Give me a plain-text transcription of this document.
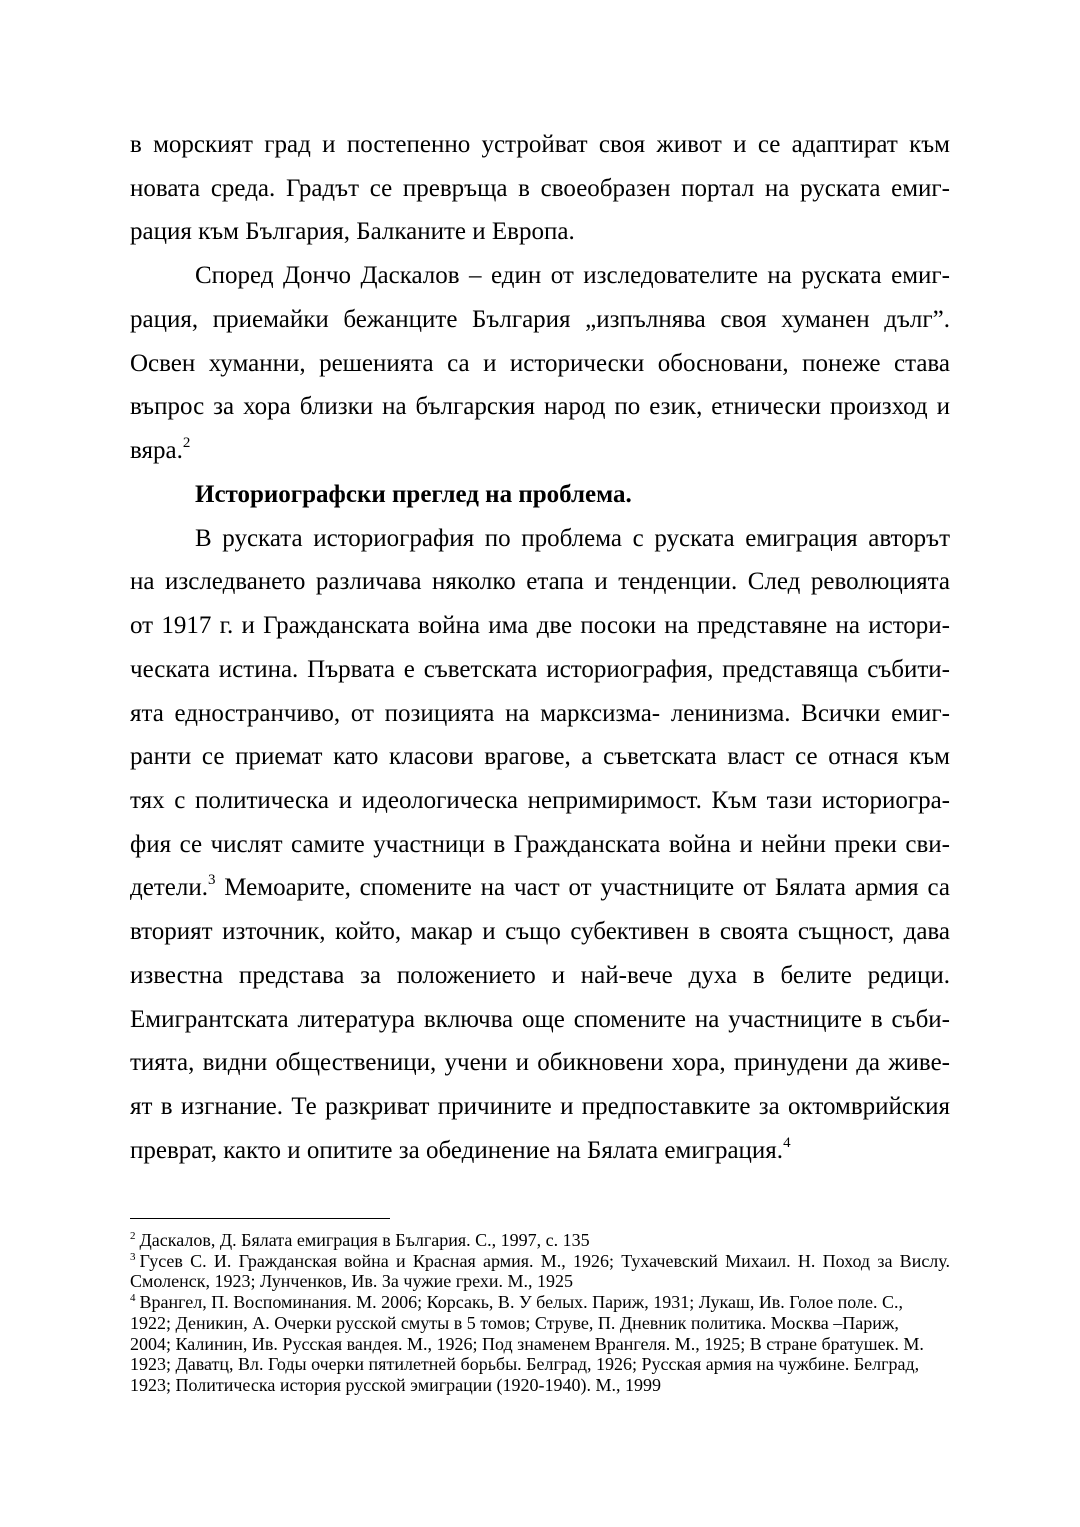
в морският град и постепенно устройват своя живот и се адаптират към
новата среда. Градът се превръща в своеобразен портал на руската емиг-
рация към България, Балканите и Европа.
Според Дончо Даскалов – един от изследователите на руската емиг-
рация, приемайки бежанците България „изпълнява своя хуманен дълг”.
Освен хуманни, решенията са и исторически обосновани, понеже става
въпрос за хора близки на българския народ по език, етнически произход и
вяра.$^2$
Историографски преглед на проблема.
В руската историография по проблема с руската емиграция авторът
на изследването различава няколко етапа и тенденции. След революцията
от 1917 г. и Гражданската война има две посоки на представяне на истори-
ческата истина. Първата е съветската историография, представяща събити-
ята едностранчиво, от позицията на марксизма- ленинизма. Всички емиг-
ранти се приемат като класови врагове, а съветската власт се отнася към
тях с политическа и идеологическа непримиримост. Към тази историогра-
фия се числят самите участници в Гражданската война и нейни преки сви-
детели.$^3$ Мемоарите, спомените на част от участниците от Бялата армия са
вторият източник, който, макар и също субективен в своята същност, дава
известна представа за положението и най-вече духа в белите редици.
Емигрантската литература включва още спомените на участниците в съби-
тията, видни общественици, учени и обикновени хора, принудени да живе-
ят в изгнание. Те разкриват причините и предпоставките за октомврийския
преврат, както и опитите за обединение на Бялата емиграция.$^4$
$^2$ Даскалов, Д. Бялата емиграция в България. С., 1997, с. 135
$^3$ Гусев С. И. Гражданская война и Красная армия. М., 1926; Тухачевский Михаил. Н. Поход за Вислу.
Смоленск, 1923; Лунченков, Ив. За чужие грехи. М., 1925
$^4$ Врангел, П. Воспоминания. М. 2006; Корсакь, В. У белых. Париж, 1931; Лукаш, Ив. Голое поле. С.,
1922; Деникин, А. Очерки русской смуты в 5 томов; Струве, П. Дневник политика. Москва –Париж,
2004; Калинин, Ив. Русская вандея. М., 1926; Под знаменем Врангеля. М., 1925; В стране братушек. М.
1923; Даватц, Вл. Годы очерки пятилетней борьбы. Белград, 1926; Русская армия на чужбине. Белград,
1923; Политическа история русской эмиграции (1920-1940). М., 1999
